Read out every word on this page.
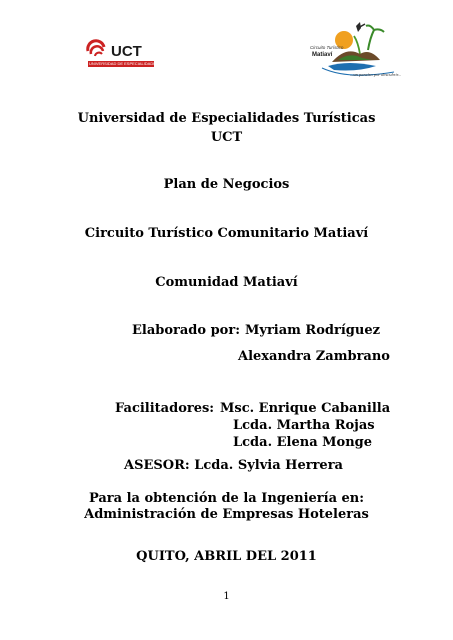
UCT
UNIVERSIDAD DE ESPECIALIDADES TURÍSTICAS
Circuito Turístico
Matiaví
...un paraíso por descubrir...
Universidad de Especialidades Turísticas
UCT
Plan de Negocios
Circuito Turístico Comunitario Matiaví
Comunidad Matiaví
Elaborado por: Myriam Rodríguez
Alexandra Zambrano
Facilitadores: Msc. Enrique Cabanilla
Lcda. Martha Rojas
Lcda. Elena Monge
ASESOR: Lcda. Sylvia Herrera
Para la obtención de la Ingeniería en:
Administración de Empresas Hoteleras
QUITO, ABRIL DEL 2011
1
